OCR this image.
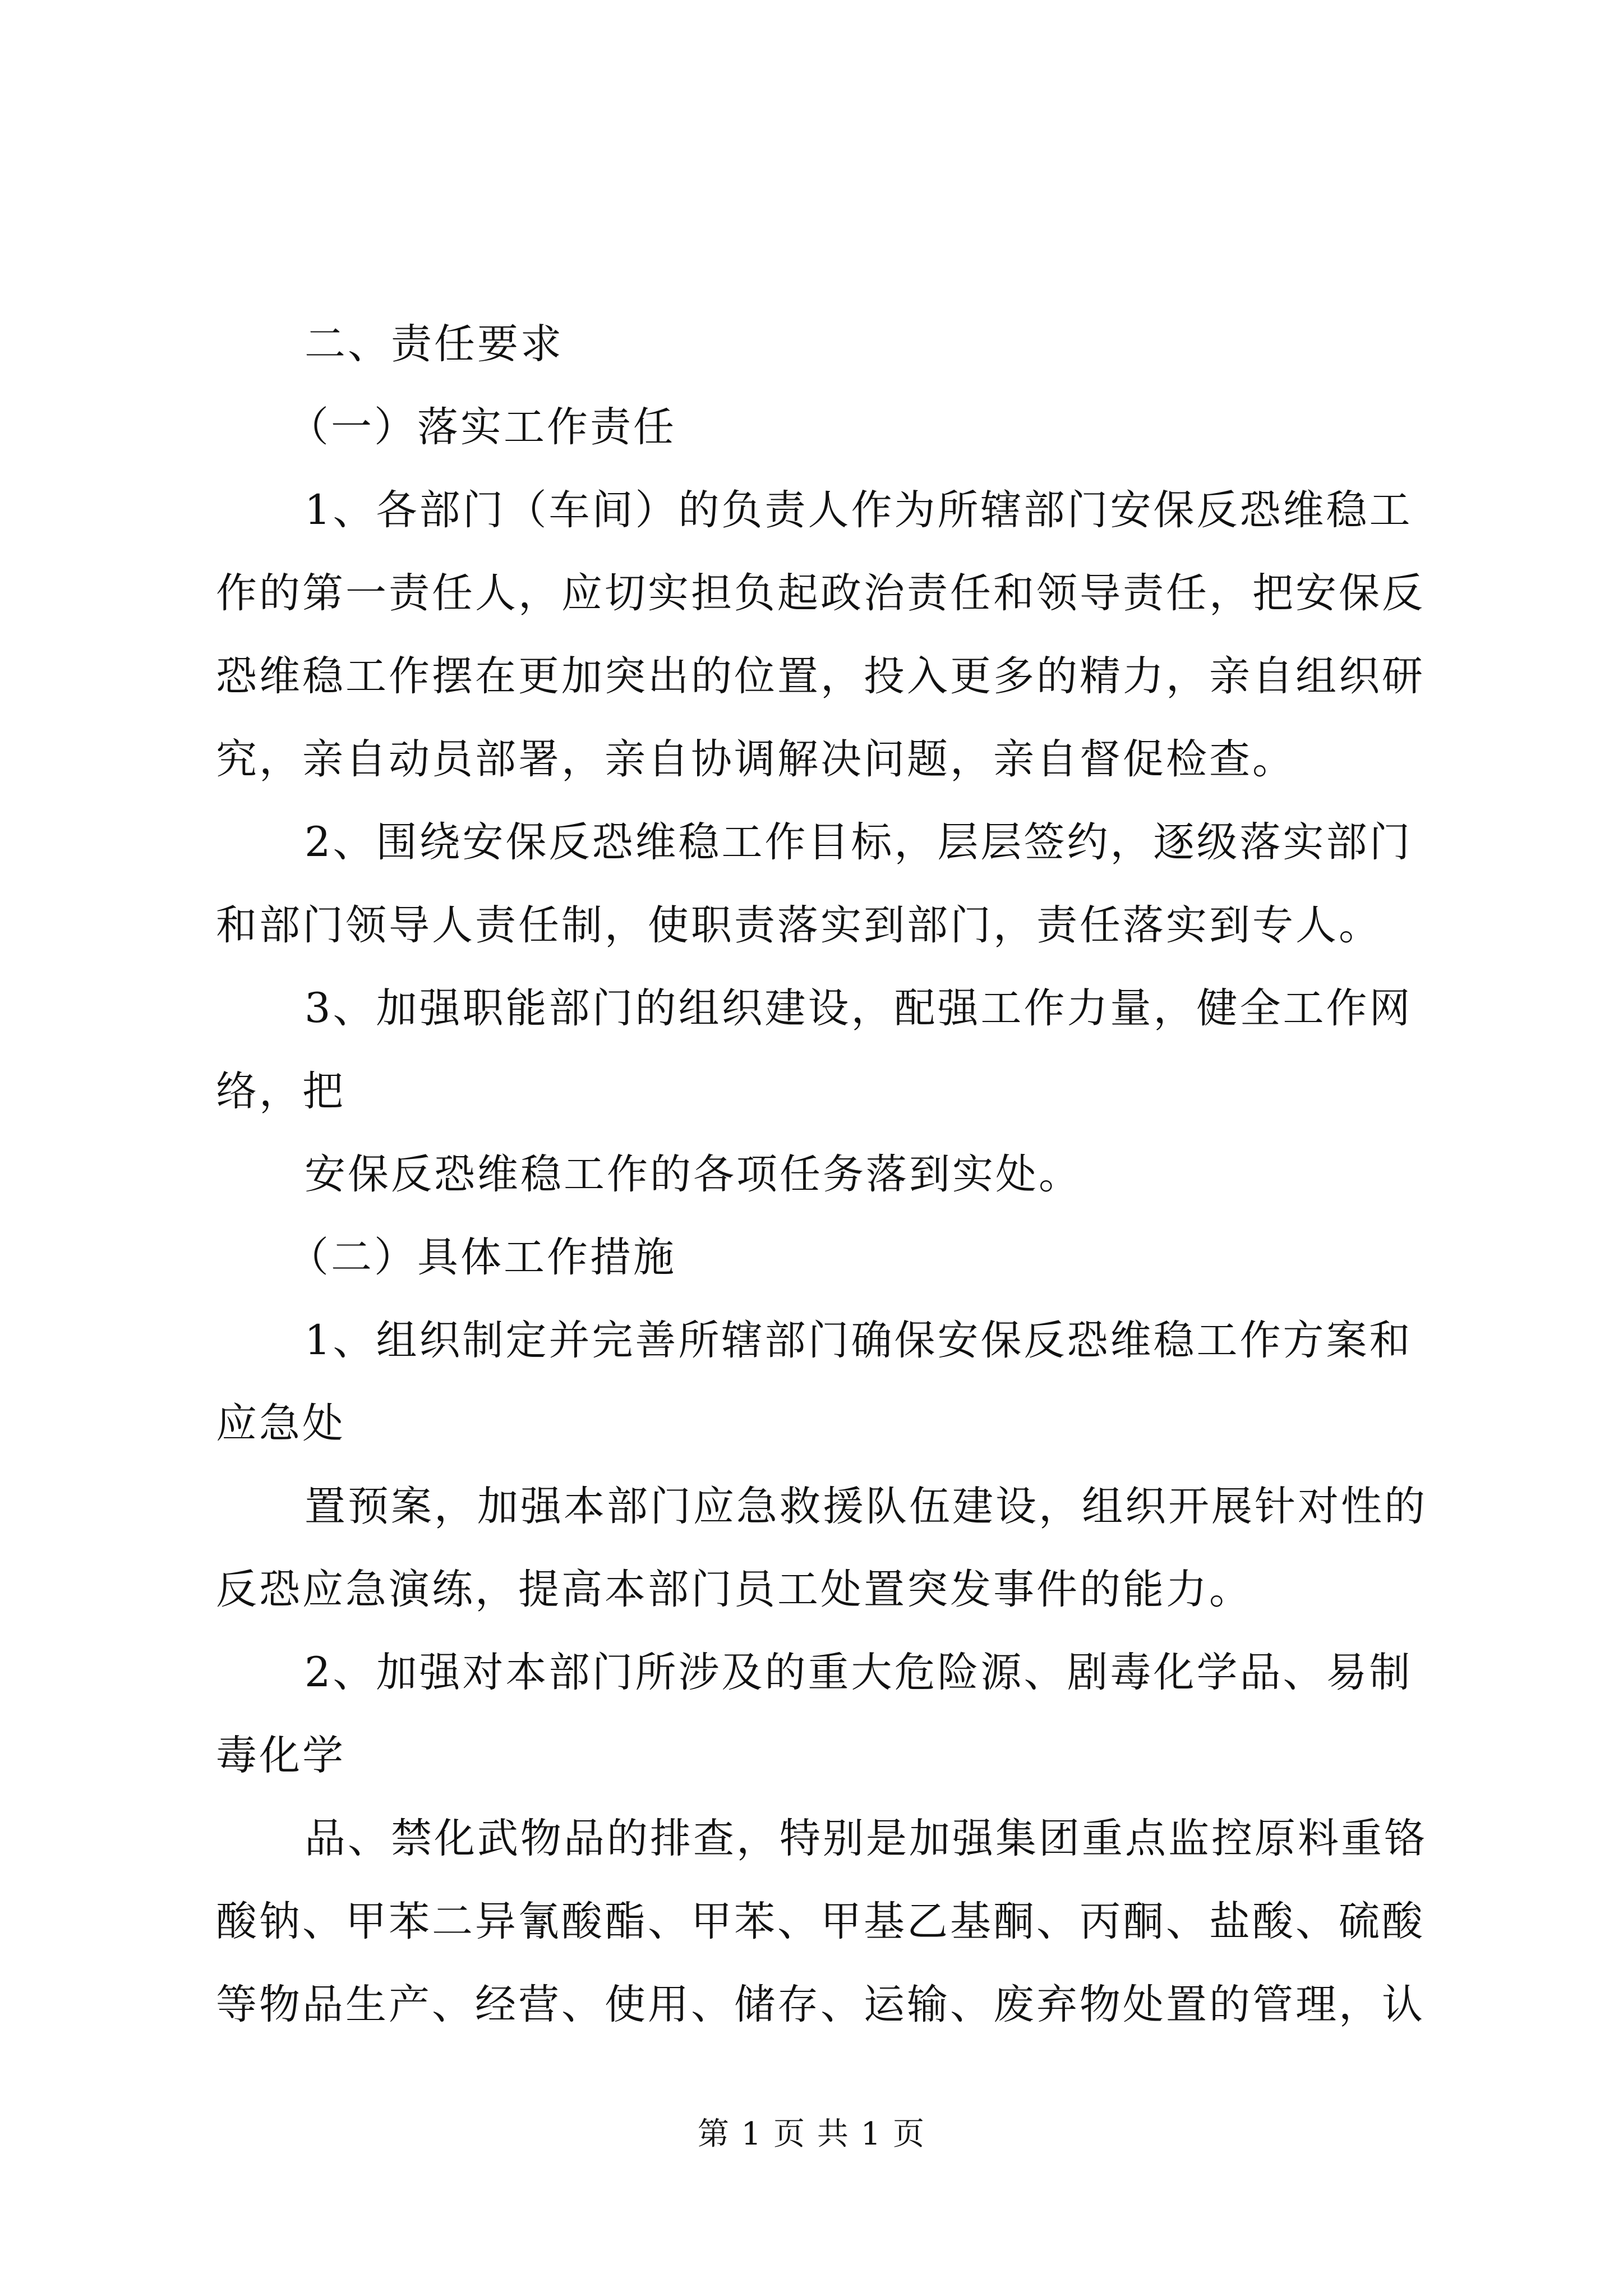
二、责任要求
（一）落实工作责任
1、各部门（车间）的负责人作为所辖部门安保反恐维稳工
作的第一责任人，应切实担负起政治责任和领导责任，把安保反
恐维稳工作摆在更加突出的位置，投入更多的精力，亲自组织研
究，亲自动员部署，亲自协调解决问题，亲自督促检查。
2、围绕安保反恐维稳工作目标，层层签约，逐级落实部门
和部门领导人责任制，使职责落实到部门，责任落实到专人。
3、加强职能部门的组织建设，配强工作力量，健全工作网
络，把
安保反恐维稳工作的各项任务落到实处。
（二）具体工作措施
1、组织制定并完善所辖部门确保安保反恐维稳工作方案和
应急处
置预案，加强本部门应急救援队伍建设，组织开展针对性的
反恐应急演练，提高本部门员工处置突发事件的能力。
2、加强对本部门所涉及的重大危险源、剧毒化学品、易制
毒化学
品、禁化武物品的排查，特别是加强集团重点监控原料重铬
酸钠、甲苯二异氰酸酯、甲苯、甲基乙基酮、丙酮、盐酸、硫酸
等物品生产、经营、使用、储存、运输、废弃物处置的管理，认
第 1 页 共 1 页
